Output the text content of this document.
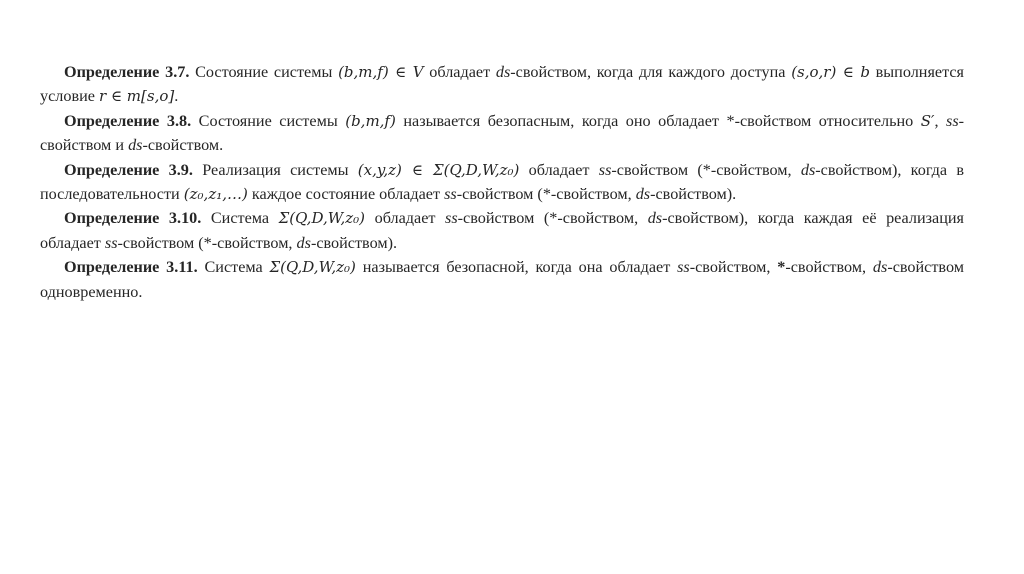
Определение 3.7. Состояние системы (b,m,f) ∈ V обладает ds-свойством, когда для каждого доступа (s,o,r) ∈ b выполняется условие r ∈ m[s,o].

Определение 3.8. Состояние системы (b,m,f) называется безопасным, когда оно обладает *-свойством относительно S′, ss-свойством и ds-свойством.

Определение 3.9. Реализация системы (x,y,z) ∈ Σ(Q,D,W,z₀) обладает ss-свойством (*-свойством, ds-свойством), когда в последовательности (z₀,z₁,…) каждое состояние обладает ss-свойством (*-свойством, ds-свойством).

Определение 3.10. Система Σ(Q,D,W,z₀) обладает ss-свойством (*-свойством, ds-свойством), когда каждая её реализация обладает ss-свойством (*-свойством, ds-свойством).

Определение 3.11. Система Σ(Q,D,W,z₀) называется безопасной, когда она обладает ss-свойством, *-свойством, ds-свойством одновременно.
